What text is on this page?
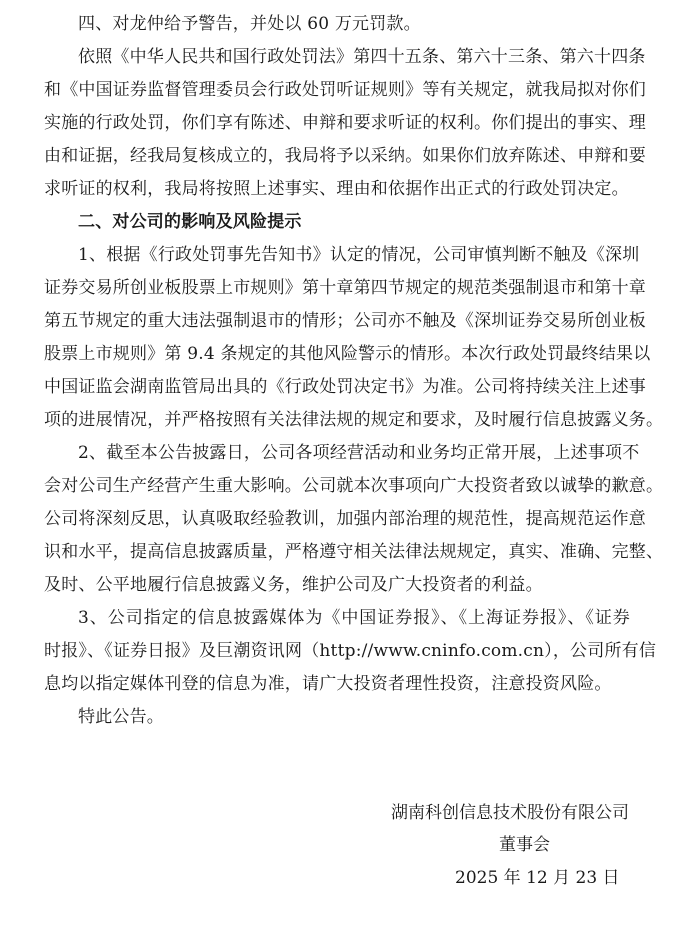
四、对龙仲给予警告，并处以 60 万元罚款。
依照《中华人民共和国行政处罚法》第四十五条、第六十三条、第六十四条
和《中国证券监督管理委员会行政处罚听证规则》等有关规定，就我局拟对你们
实施的行政处罚，你们享有陈述、申辩和要求听证的权利。你们提出的事实、理
由和证据，经我局复核成立的，我局将予以采纳。如果你们放弃陈述、申辩和要
求听证的权利，我局将按照上述事实、理由和依据作出正式的行政处罚决定。
二、对公司的影响及风险提示
1、根据《行政处罚事先告知书》认定的情况，公司审慎判断不触及《深圳
证券交易所创业板股票上市规则》第十章第四节规定的规范类强制退市和第十章
第五节规定的重大违法强制退市的情形；公司亦不触及《深圳证券交易所创业板
股票上市规则》第 9.4 条规定的其他风险警示的情形。本次行政处罚最终结果以
中国证监会湖南监管局出具的《行政处罚决定书》为准。公司将持续关注上述事
项的进展情况，并严格按照有关法律法规的规定和要求，及时履行信息披露义务。
2、截至本公告披露日，公司各项经营活动和业务均正常开展，上述事项不
会对公司生产经营产生重大影响。公司就本次事项向广大投资者致以诚挚的歉意。
公司将深刻反思，认真吸取经验教训，加强内部治理的规范性，提高规范运作意
识和水平，提高信息披露质量，严格遵守相关法律法规规定，真实、准确、完整、
及时、公平地履行信息披露义务，维护公司及广大投资者的利益。
3、公司指定的信息披露媒体为《中国证券报》、《上海证券报》、《证券
时报》、《证券日报》及巨潮资讯网（http://www.cninfo.com.cn），公司所有信
息均以指定媒体刊登的信息为准，请广大投资者理性投资，注意投资风险。
特此公告。
湖南科创信息技术股份有限公司
董事会
2025 年 12 月 23 日
